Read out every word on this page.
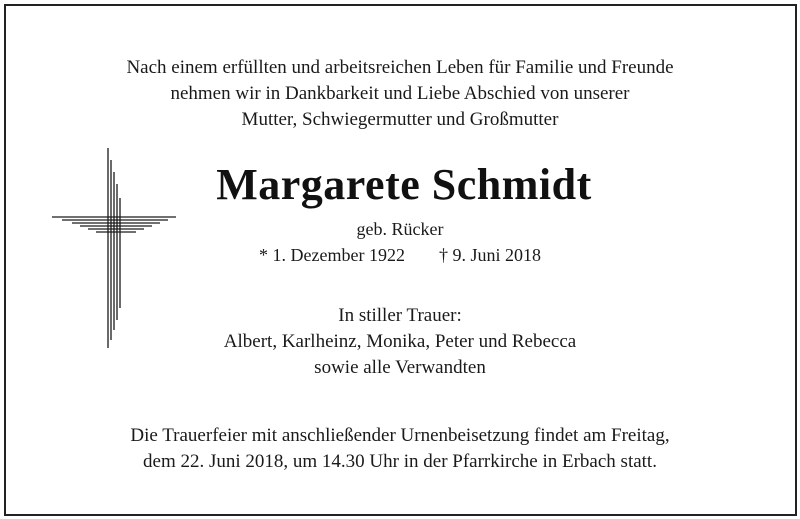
Nach einem erfüllten und arbeitsreichen Leben für Familie und Freunde
nehmen wir in Dankbarkeit und Liebe Abschied von unserer
Mutter, Schwiegermutter und Großmutter
Margarete Schmidt
geb. Rücker
* 1. Dezember 1922 † 9. Juni 2018
In stiller Trauer:
Albert, Karlheinz, Monika, Peter und Rebecca
sowie alle Verwandten
Die Trauerfeier mit anschließender Urnenbeisetzung findet am Freitag,
dem 22. Juni 2018, um 14.30 Uhr in der Pfarrkirche in Erbach statt.
